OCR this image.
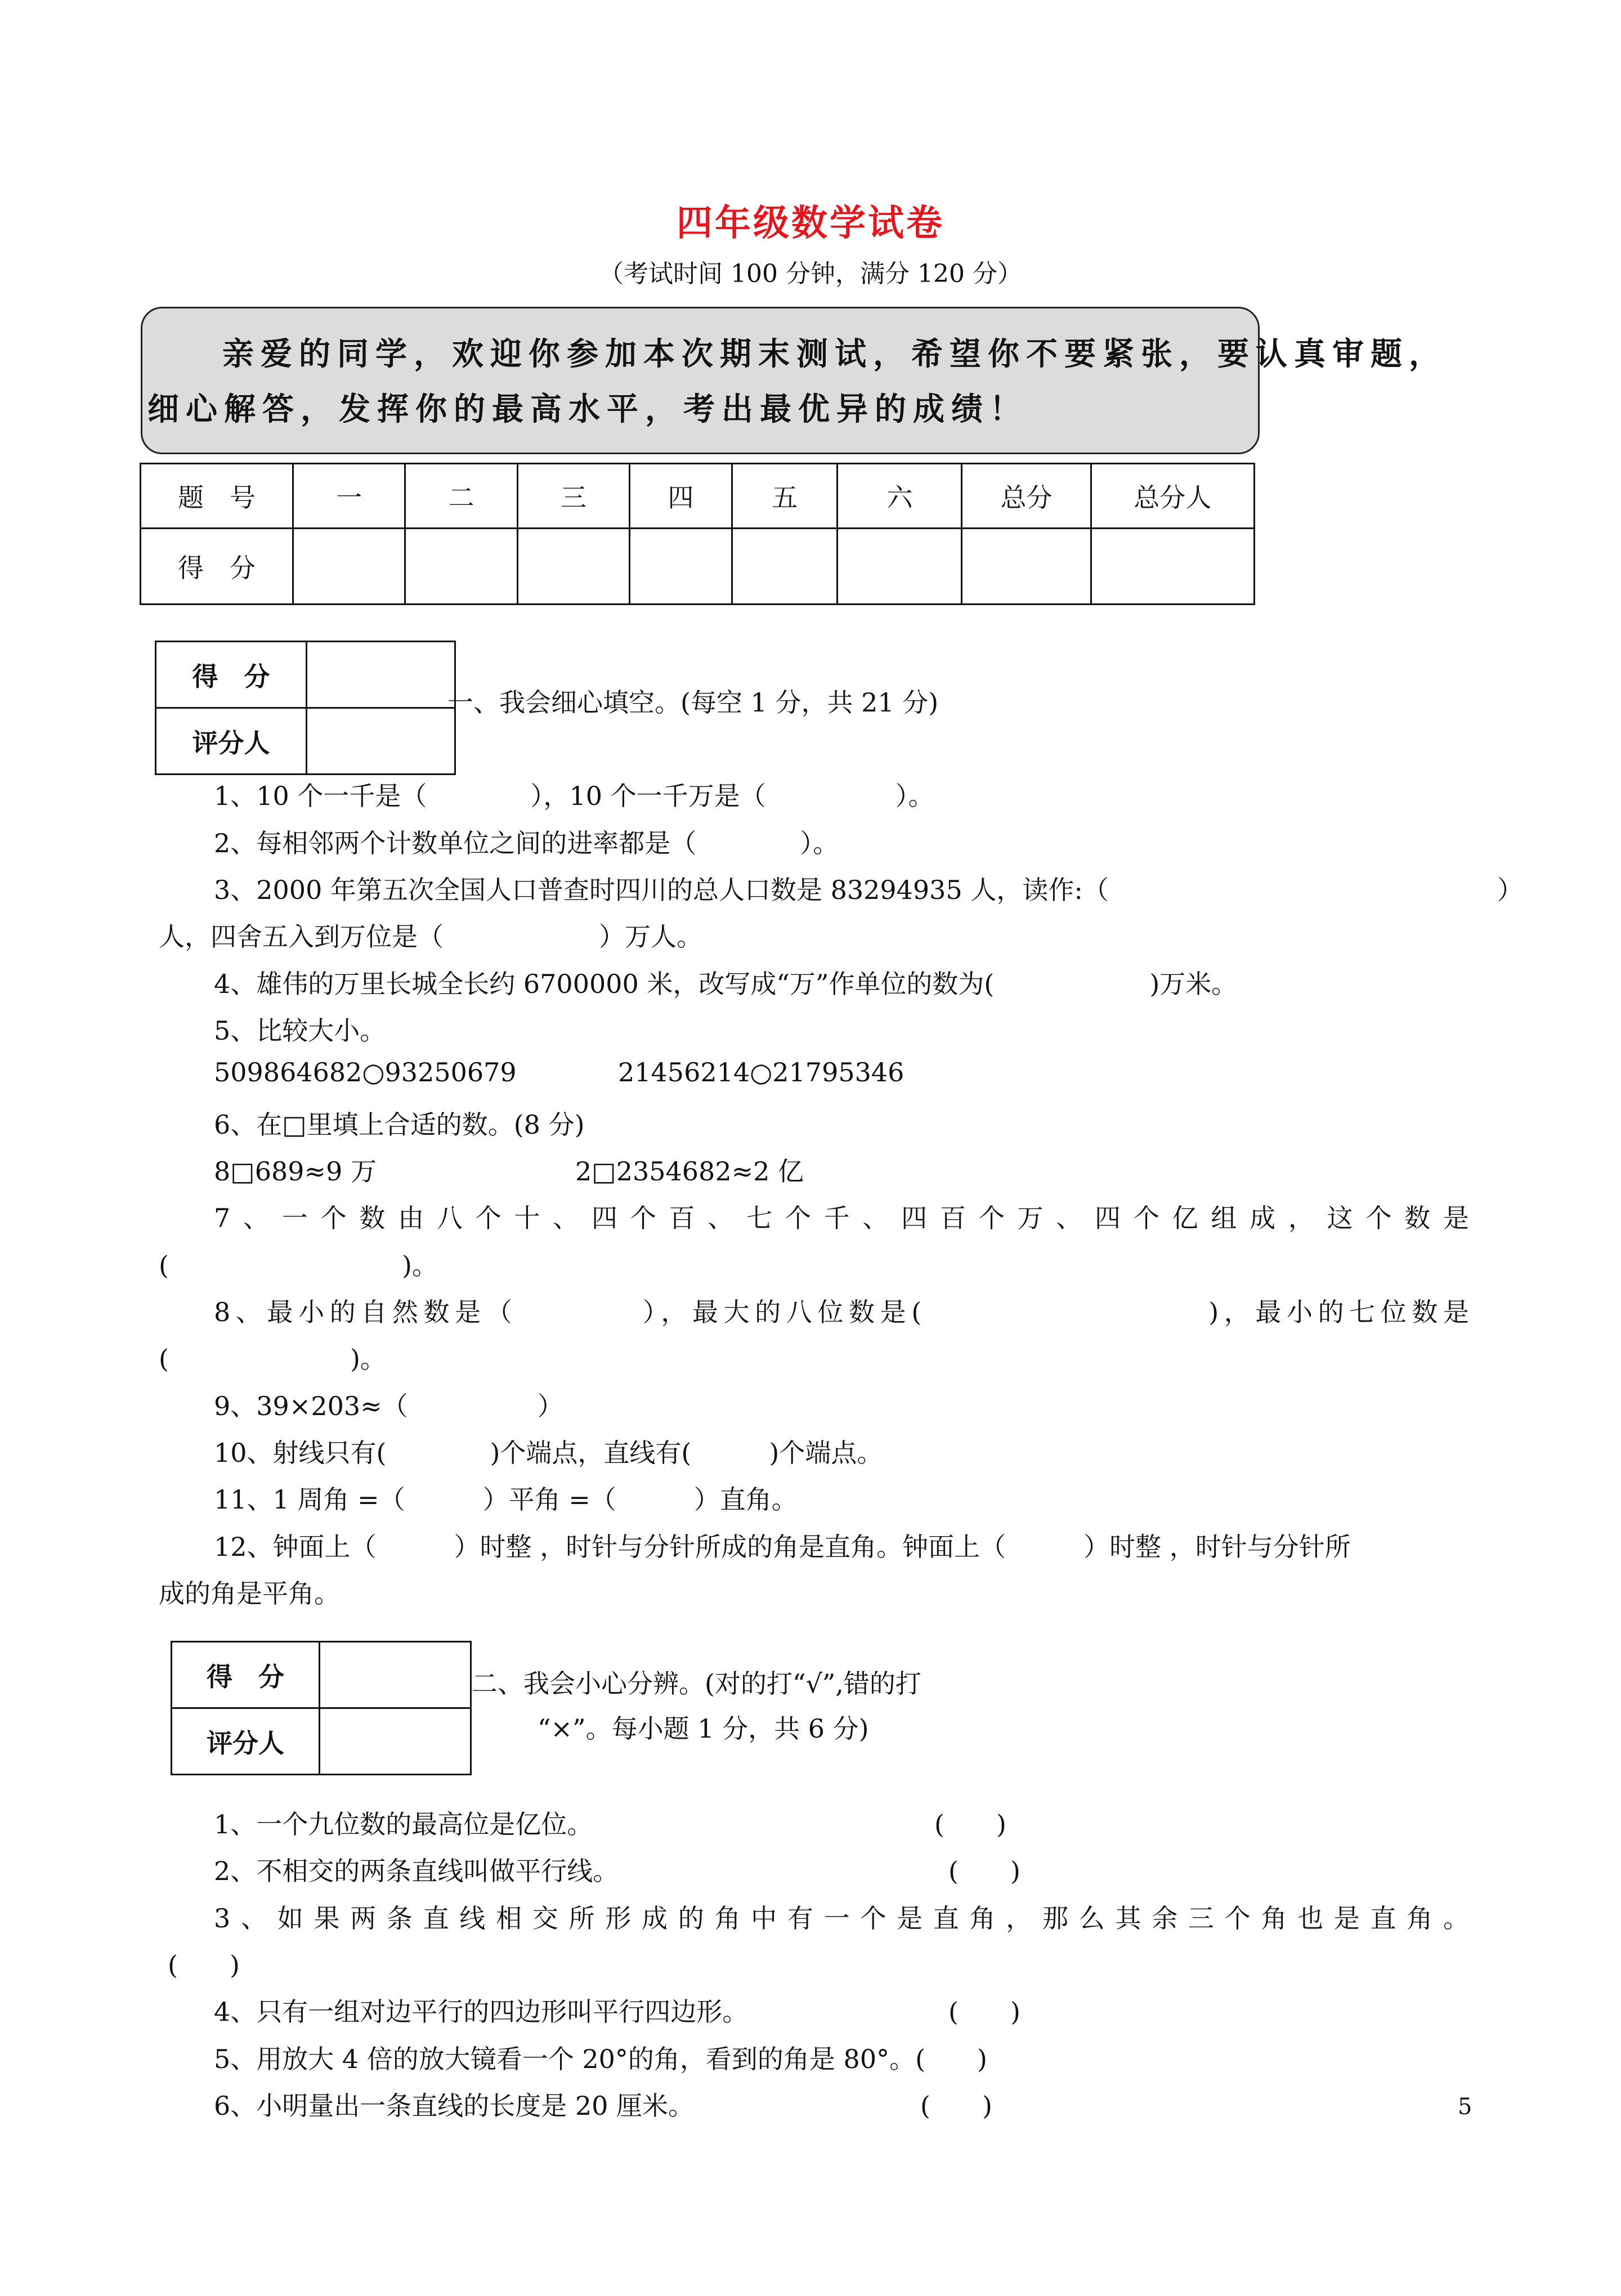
四年级数学试卷
（考试时间 100 分钟，满分 120 分）
亲爱的同学，欢迎你参加本次期末测试，希望你不要紧张，要认真审题，
细心解答，发挥你的最高水平，考出最优异的成绩！
题　号	一	二	三	四	五	六	总分	总分人
得　分								
得　分	
评分人	
一、我会细心填空。(每空 1 分，共 21 分)
1、10 个一千是（　　　　），10 个一千万是（　　　　　）。
2、每相邻两个计数单位之间的进率都是（　　　　）。
3、2000 年第五次全国人口普查时四川的总人口数是 83294935 人，读作:（	）
人，四舍五入到万位是（　　　　　　）万人。
4、雄伟的万里长城全长约 6700000 米，改写成“万”作单位的数为(　　　　　　)万米。
5、比较大小。
509864682○93250679	21456214○21795346
6、在□里填上合适的数。(8 分)
8□689≈9 万	2□2354682≈2 亿
7、一个数由八个十、四个百、七个千、四百个万、四个亿组成，这个数是
(　　　　　　　　　)。
8、最小的自然数是（　　　　），最大的八位数是(　　　　　　　　　)，最小的七位数是
(　　　　　　　)。
9、39×203≈（　　　　　）
10、射线只有(　　　　)个端点，直线有(　　　)个端点。
11、1 周角 =（　　　）平角 =（　　　）直角。
12、钟面上（　　　）时整 ，时针与分针所成的角是直角。钟面上（　　　）时整 ，时针与分针所
成的角是平角。
得　分	
评分人	
二、我会小心分辨。(对的打“√”,错的打
“×”。每小题 1 分，共 6 分)
1、一个九位数的最高位是亿位。	(　　)
2、不相交的两条直线叫做平行线。	(　　)
3、如果两条直线相交所形成的角中有一个是直角，那么其余三个角也是直角。
(　　)
4、只有一组对边平行的四边形叫平行四边形。	(　　)
5、用放大 4 倍的放大镜看一个 20°的角，看到的角是 80°。(　　)
6、小明量出一条直线的长度是 20 厘米。	(　　)	5
